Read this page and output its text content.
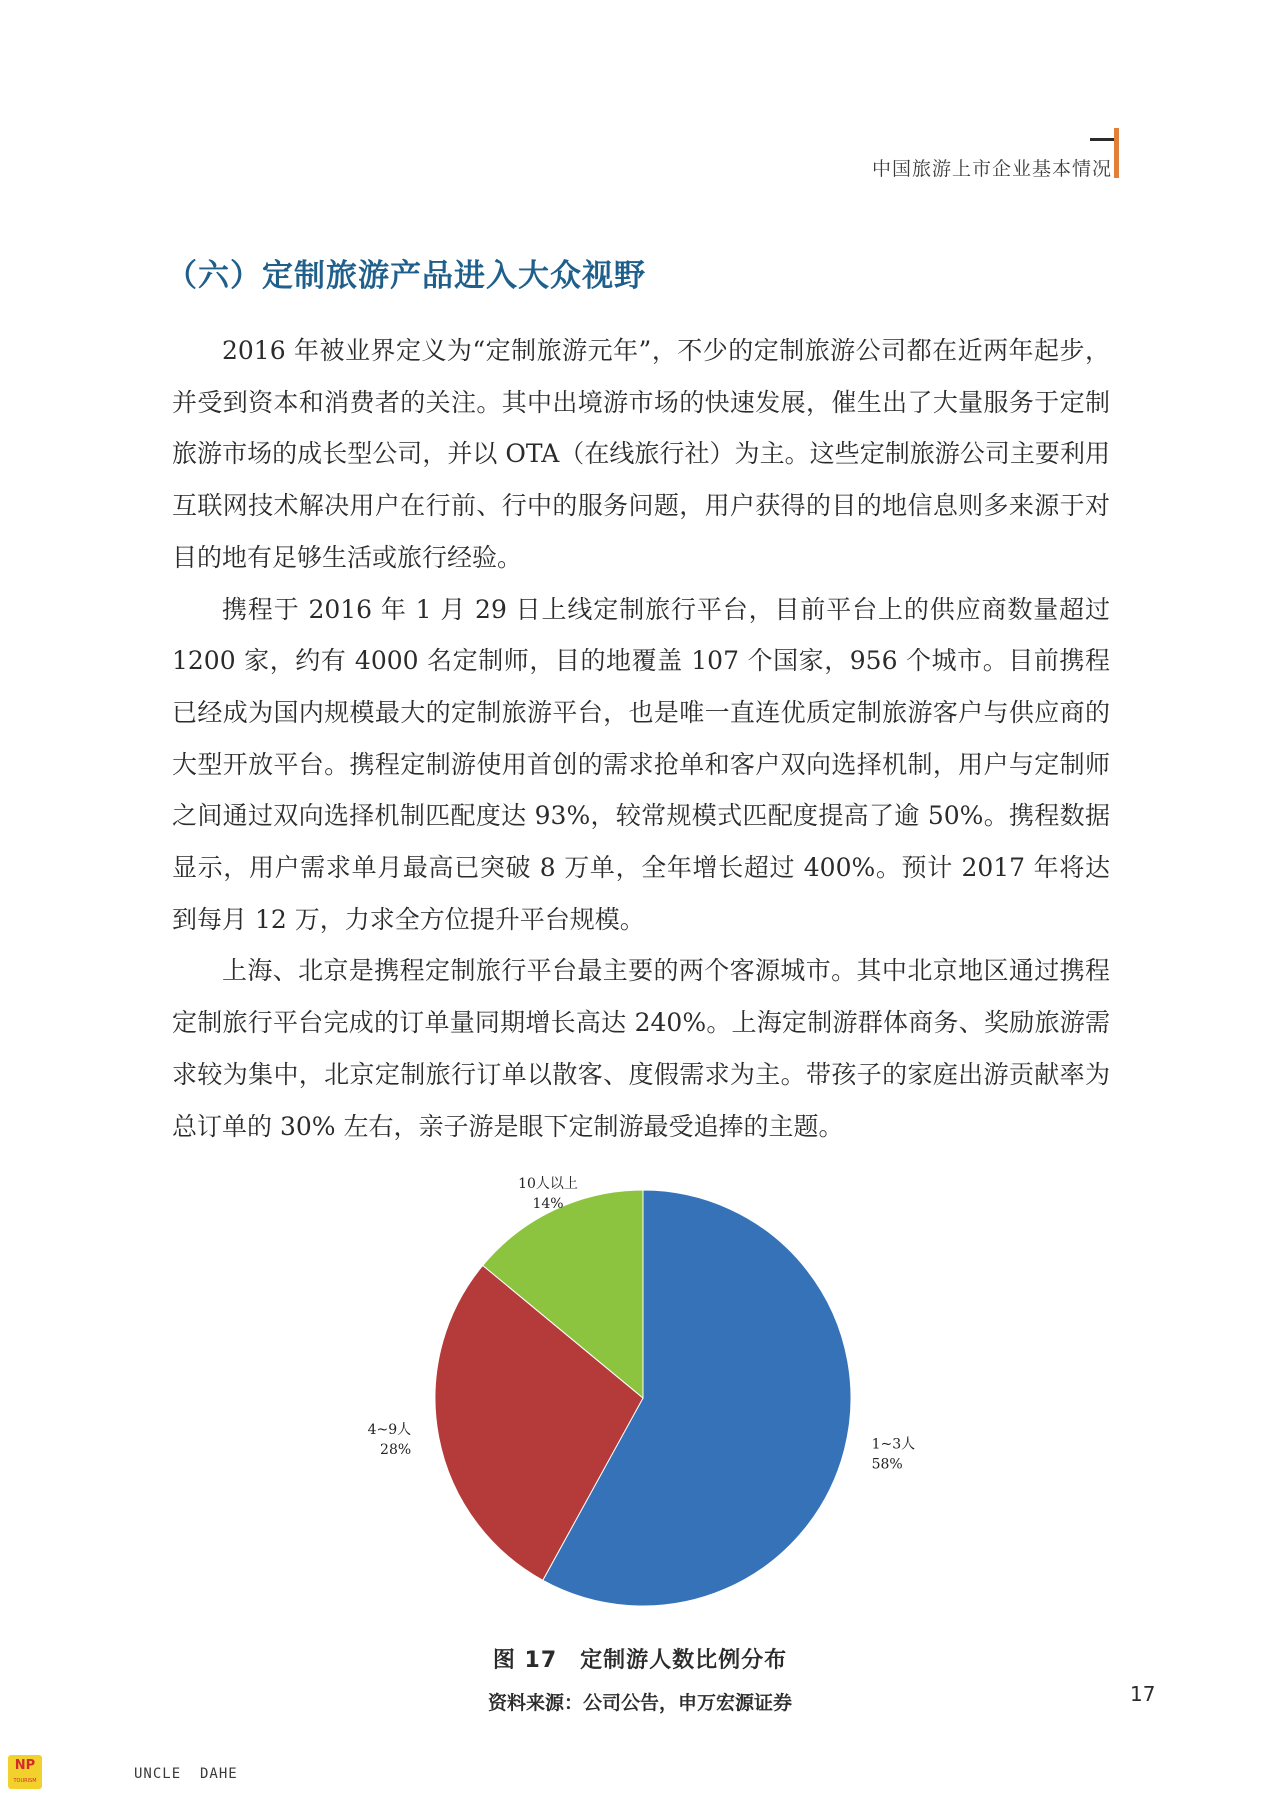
中国旅游上市企业基本情况
（六）定制旅游产品进入大众视野

2016 年被业界定义为“定制旅游元年”，不少的定制旅游公司都在近两年起步，并受到资本和消费者的关注。其中出境游市场的快速发展，催生出了大量服务于定制旅游市场的成长型公司，并以 OTA（在线旅行社）为主。这些定制旅游公司主要利用互联网技术解决用户在行前、行中的服务问题，用户获得的目的地信息则多来源于对目的地有足够生活或旅行经验。

携程于 2016 年 1 月 29 日上线定制旅行平台，目前平台上的供应商数量超过 1200 家，约有 4000 名定制师，目的地覆盖 107 个国家，956 个城市。目前携程已经成为国内规模最大的定制旅游平台，也是唯一直连优质定制旅游客户与供应商的大型开放平台。携程定制游使用首创的需求抢单和客户双向选择机制，用户与定制师之间通过双向选择机制匹配度达 93%，较常规模式匹配度提高了逾 50%。携程数据显示，用户需求单月最高已突破 8 万单，全年增长超过 400%。预计 2017 年将达到每月 12 万，力求全方位提升平台规模。

上海、北京是携程定制旅行平台最主要的两个客源城市。其中北京地区通过携程定制旅行平台完成的订单量同期增长高达 240%。上海定制游群体商务、奖励旅游需求较为集中，北京定制旅行订单以散客、度假需求为主。带孩子的家庭出游贡献率为总订单的 30% 左右，亲子游是眼下定制游最受追捧的主题。

1~3人
58%
4~9人
28%
10人以上
14%
图 17　定制游人数比例分布
资料来源：公司公告，申万宏源证券	17
NP
TOURISM	UNCLE  DAHE
